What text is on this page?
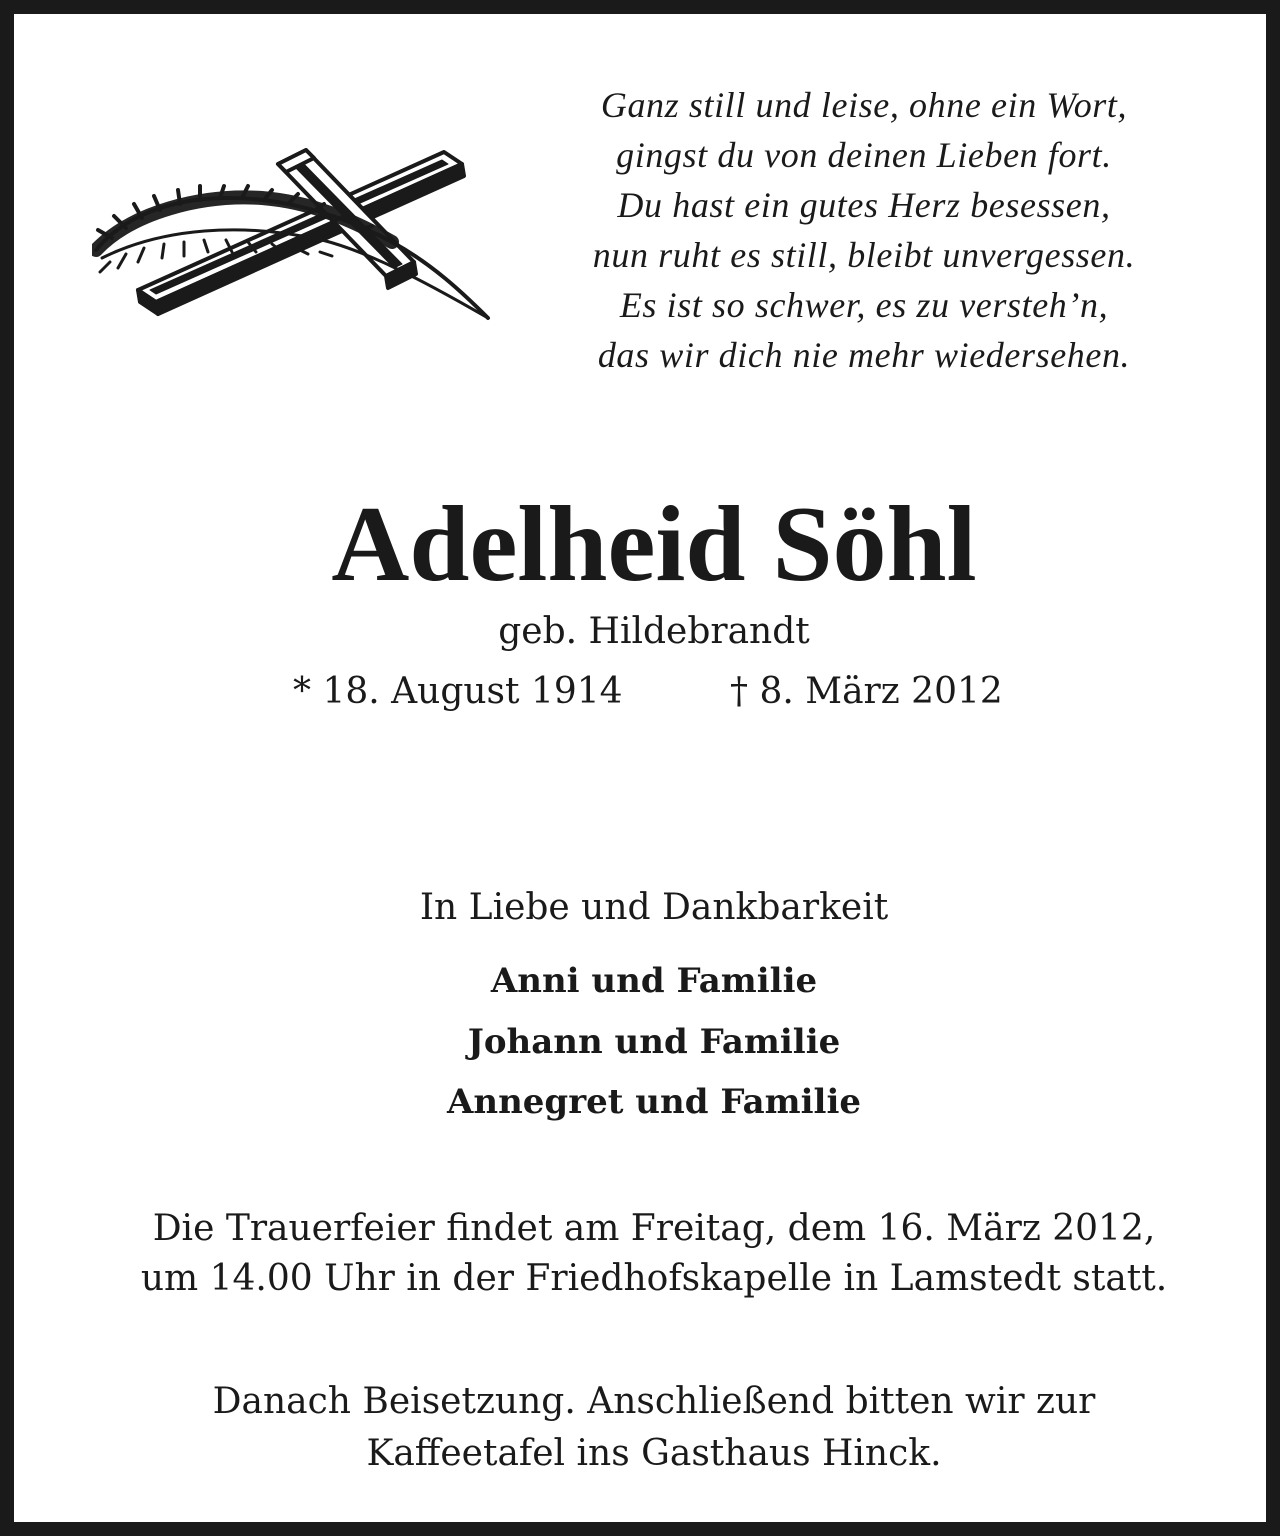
Ganz still und leise, ohne ein Wort,
gingst du von deinen Lieben fort.
Du hast ein gutes Herz besessen,
nun ruht es still, bleibt unvergessen.
Es ist so schwer, es zu versteh’n,
das wir dich nie mehr wiedersehen.
Adelheid Söhl
geb. Hildebrandt
* 18. August 1914	† 8. März 2012
In Liebe und Dankbarkeit
Anni und Familie
Johann und Familie
Annegret und Familie
Die Trauerfeier findet am Freitag, dem 16. März 2012,
um 14.00 Uhr in der Friedhofskapelle in Lamstedt statt.
Danach Beisetzung. Anschließend bitten wir zur
Kaffeetafel ins Gasthaus Hinck.
